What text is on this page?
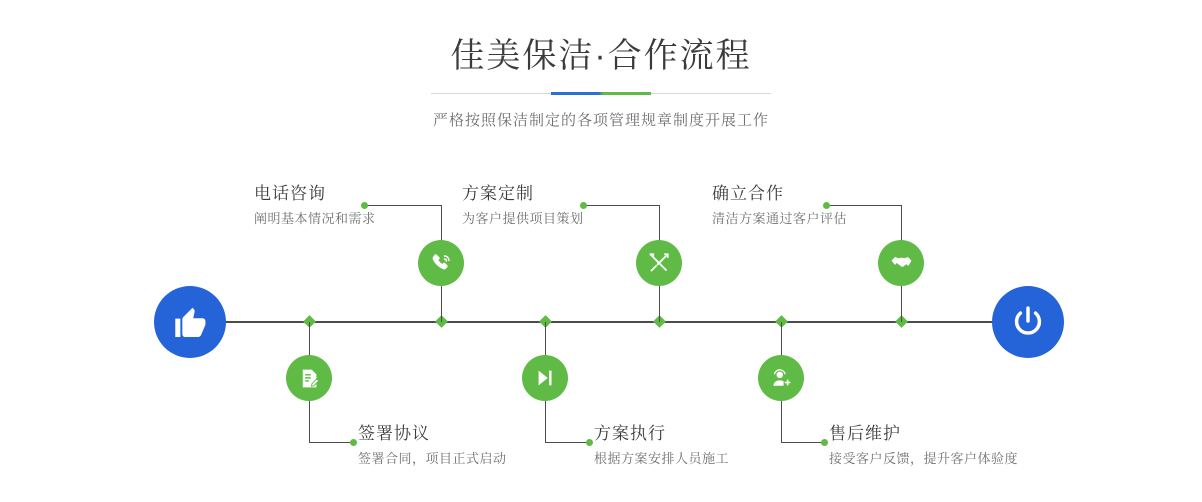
佳美保洁·合作流程
严格按照保洁制定的各项管理规章制度开展工作
电话咨询
阐明基本情况和需求
签署协议
签署合同，项目正式启动
方案定制
为客户提供项目策划
方案执行
根据方案安排人员施工
确立合作
清洁方案通过客户评估
售后维护
接受客户反馈，提升客户体验度
